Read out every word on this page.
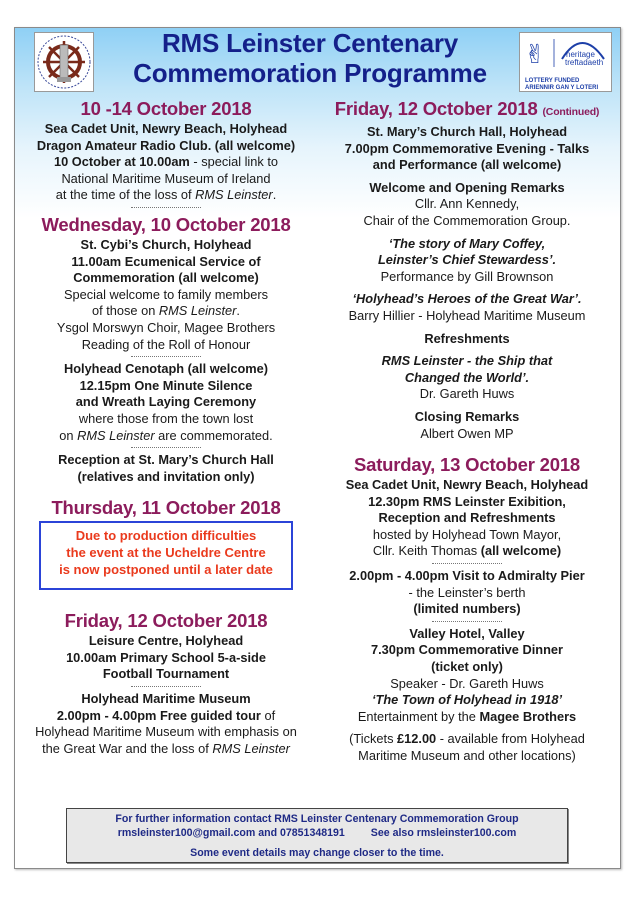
RMS Leinster Centenary
Commemoration Programme
✌	heritage
treftadaeth
LOTTERY FUNDED
ARIENNIR GAN Y LOTERI
10 -14 October 2018
Sea Cadet Unit, Newry Beach, Holyhead
Dragon Amateur Radio Club. (all welcome)
10 October at 10.00am - special link to
National Maritime Museum of Ireland
at the time of the loss of RMS Leinster.
Wednesday, 10 October 2018
St. Cybi’s Church, Holyhead
11.00am Ecumenical Service of
Commemoration (all welcome)
Special welcome to family members
of those on RMS Leinster.
Ysgol Morswyn Choir, Magee Brothers
Reading of the Roll of Honour
Holyhead Cenotaph (all welcome)
12.15pm One Minute Silence
and Wreath Laying Ceremony
where those from the town lost
on RMS Leinster are commemorated.
Reception at St. Mary’s Church Hall
(relatives and invitation only)
Thursday, 11 October 2018
Due to production difficulties
the event at the Ucheldre Centre
is now postponed until a later date
Friday, 12 October 2018
Leisure Centre, Holyhead
10.00am Primary School 5-a-side
Football Tournament
Holyhead Maritime Museum
2.00pm - 4.00pm Free guided tour of
Holyhead Maritime Museum with emphasis on
the Great War and the loss of RMS Leinster
Friday, 12 October 2018 (Continued)
St. Mary’s Church Hall, Holyhead
7.00pm Commemorative Evening - Talks
and Performance (all welcome)
Welcome and Opening Remarks
Cllr. Ann Kennedy,
Chair of the Commemoration Group.
‘The story of Mary Coffey,
Leinster’s Chief Stewardess’.
Performance by Gill Brownson
‘Holyhead’s Heroes of the Great War’.
Barry Hillier - Holyhead Maritime Museum
Refreshments
RMS Leinster - the Ship that
Changed the World’.
Dr. Gareth Huws
Closing Remarks
Albert Owen MP
Saturday, 13 October 2018
Sea Cadet Unit, Newry Beach, Holyhead
12.30pm RMS Leinster Exibition,
Reception and Refreshments
hosted by Holyhead Town Mayor,
Cllr. Keith Thomas (all welcome)
2.00pm - 4.00pm Visit to Admiralty Pier
- the Leinster’s berth
(limited numbers)
Valley Hotel, Valley
7.30pm Commemorative Dinner
(ticket only)
Speaker - Dr. Gareth Huws
‘The Town of Holyhead in 1918’
Entertainment by the Magee Brothers
(Tickets £12.00 - available from Holyhead
Maritime Museum and other locations)
For further information contact RMS Leinster Centenary Commemoration Group
rmsleinster100@gmail.com and 07851348191 See also rmsleinster100.com
Some event details may change closer to the time.
